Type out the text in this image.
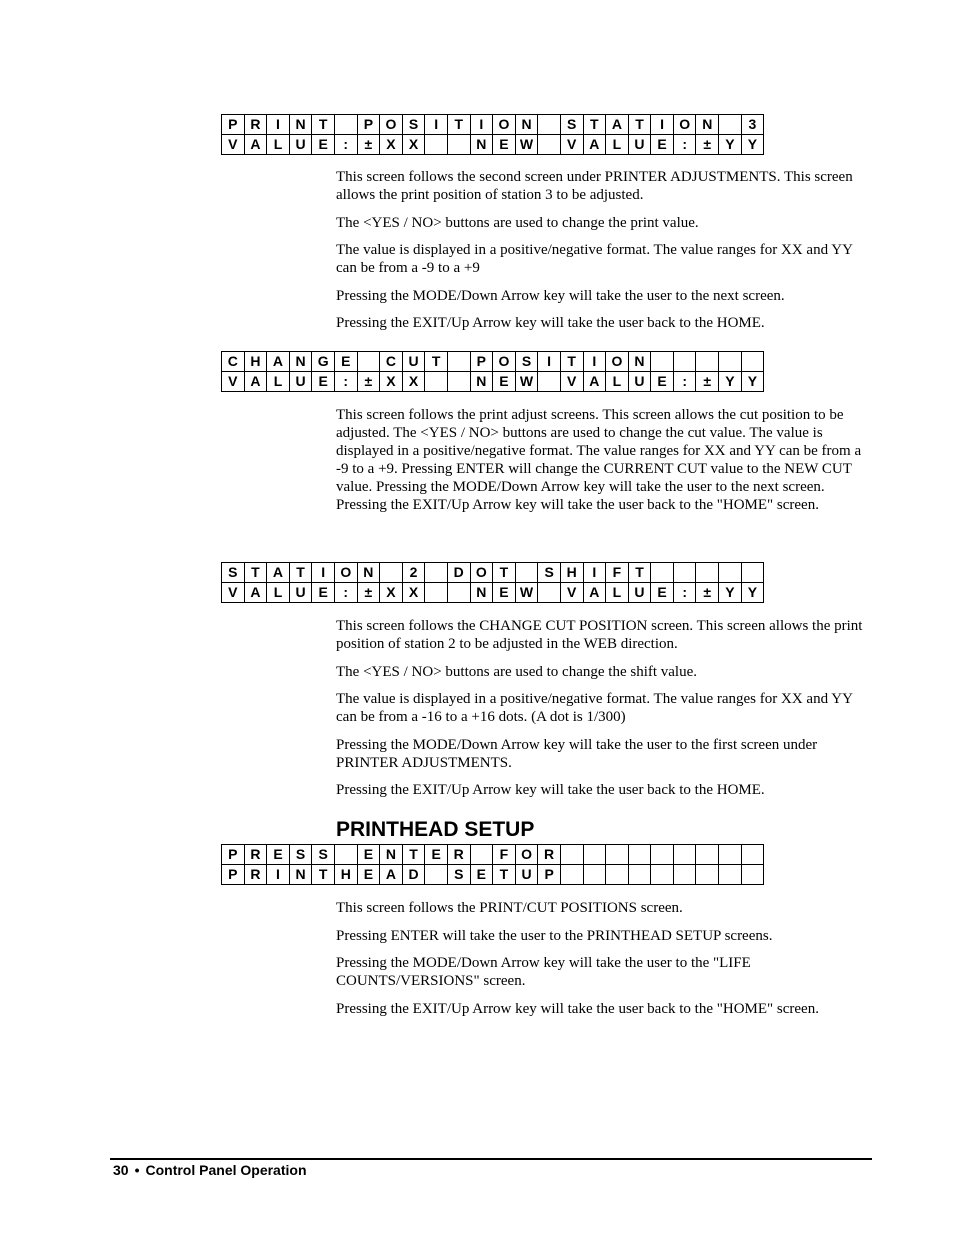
P	R	I	N	T		P	O	S	I	T	I	O	N		S	T	A	T	I	O	N		3
V	A	L	U	E	:	±	X	X			N	E	W		V	A	L	U	E	:	±	Y	Y

This screen follows the second screen under PRINTER ADJUSTMENTS. This screen allows the print position of station 3 to be adjusted.

The <YES / NO> buttons are used to change the print value.

The value is displayed in a positive/negative format. The value ranges for XX and YY can be from a -9 to a +9

Pressing the MODE/Down Arrow key will take the user to the next screen.

Pressing the EXIT/Up Arrow key will take the user back to the HOME.

C	H	A	N	G	E		C	U	T		P	O	S	I	T	I	O	N					
V	A	L	U	E	:	±	X	X			N	E	W		V	A	L	U	E	:	±	Y	Y

This screen follows the print adjust screens. This screen allows the cut position to be adjusted. The <YES / NO> buttons are used to change the cut value. The value is displayed in a positive/negative format. The value ranges for XX and YY can be from a -9 to a +9. Pressing ENTER will change the CURRENT CUT value to the NEW CUT value. Pressing the MODE/Down Arrow key will take the user to the next screen. Pressing the EXIT/Up Arrow key will take the user back to the "HOME" screen.

S	T	A	T	I	O	N		2		D	O	T		S	H	I	F	T					
V	A	L	U	E	:	±	X	X			N	E	W		V	A	L	U	E	:	±	Y	Y

This screen follows the CHANGE CUT POSITION screen. This screen allows the print position of station 2 to be adjusted in the WEB direction.

The <YES / NO> buttons are used to change the shift value.

The value is displayed in a positive/negative format. The value ranges for XX and YY can be from a -16 to a +16 dots. (A dot is 1/300)

Pressing the MODE/Down Arrow key will take the user to the first screen under PRINTER ADJUSTMENTS.

Pressing the EXIT/Up Arrow key will take the user back to the HOME.

PRINTHEAD SETUP
P	R	E	S	S		E	N	T	E	R		F	O	R									
P	R	I	N	T	H	E	A	D		S	E	T	U	P									

This screen follows the PRINT/CUT POSITIONS screen.

Pressing ENTER will take the user to the PRINTHEAD SETUP screens.

Pressing the MODE/Down Arrow key will take the user to the "LIFE COUNTS/VERSIONS" screen.

Pressing the EXIT/Up Arrow key will take the user back to the "HOME" screen.

30 • Control Panel Operation
